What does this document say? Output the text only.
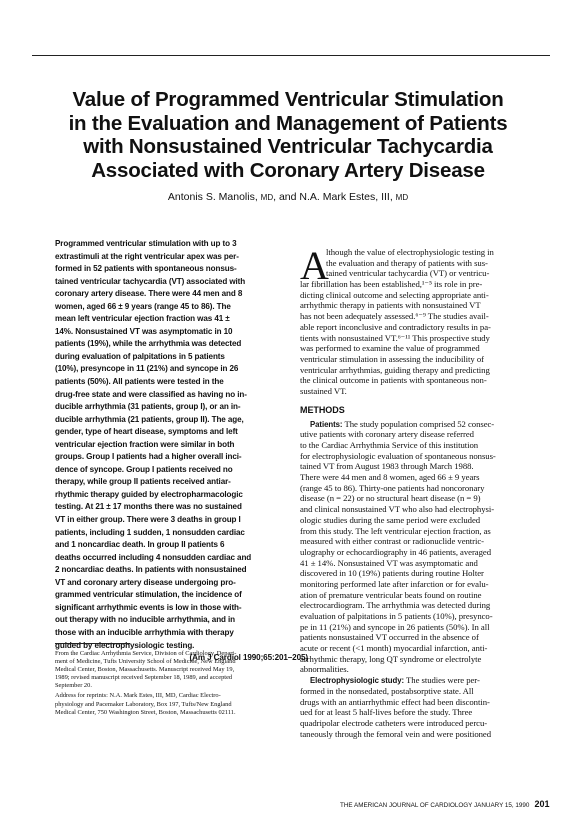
Value of Programmed Ventricular Stimulation
in the Evaluation and Management of Patients
with Nonsustained Ventricular Tachycardia
Associated with Coronary Artery Disease
Antonis S. Manolis, MD, and N.A. Mark Estes, III, MD
Programmed ventricular stimulation with up to 3
extrastimuli at the right ventricular apex was per-
formed in 52 patients with spontaneous nonsus-
tained ventricular tachycardia (VT) associated with
coronary artery disease. There were 44 men and 8
women, aged 66 ± 9 years (range 45 to 86). The
mean left ventricular ejection fraction was 41 ±
14%. Nonsustained VT was asymptomatic in 10
patients (19%), while the arrhythmia was detected
during evaluation of palpitations in 5 patients
(10%), presyncope in 11 (21%) and syncope in 26
patients (50%). All patients were tested in the
drug-free state and were classified as having no in-
ducible arrhythmia (31 patients, group I), or an in-
ducible arrhythmia (21 patients, group II). The age,
gender, type of heart disease, symptoms and left
ventricular ejection fraction were similar in both
groups. Group I patients had a higher overall inci-
dence of syncope. Group I patients received no
therapy, while group II patients received antiar-
rhythmic therapy guided by electropharmacologic
testing. At 21 ± 17 months there was no sustained
VT in either group. There were 3 deaths in group I
patients, including 1 sudden, 1 nonsudden cardiac
and 1 noncardiac death. In group II patients 6
deaths occurred including 4 nonsudden cardiac and
2 noncardiac deaths. In patients with nonsustained
VT and coronary artery disease undergoing pro-
grammed ventricular stimulation, the incidence of
significant arrhythmic events is low in those with-
out therapy with no inducible arrhythmia, and in
those with an inducible arrhythmia with therapy
guided by electrophysiologic testing.
(Am J Cardiol 1990;65:201–205)
From the Cardiac Arrhythmia Service, Division of Cardiology, Depart-
ment of Medicine, Tufts University School of Medicine, New England
Medical Center, Boston, Massachusetts. Manuscript received May 19,
1989; revised manuscript received September 18, 1989, and accepted
September 20.
Address for reprints: N.A. Mark Estes, III, MD, Cardiac Electro-
physiology and Pacemaker Laboratory, Box 197, Tufts/New England
Medical Center, 750 Washington Street, Boston, Massachusetts 02111.
A
lthough the value of electrophysiologic testing in
the evaluation and therapy of patients with sus-
tained ventricular tachycardia (VT) or ventricu-
lar fibrillation has been established,¹⁻⁵ its role in pre-
dicting clinical outcome and selecting appropriate anti-
arrhythmic therapy in patients with nonsustained VT
has not been adequately assessed.⁶⁻⁹ The studies avail-
able report inconclusive and contradictory results in pa-
tients with nonsustained VT.⁶⁻¹¹ This prospective study
was performed to examine the value of programmed
ventricular stimulation in assessing the inducibility of
ventricular arrhythmias, guiding therapy and predicting
the clinical outcome in patients with spontaneous non-
sustained VT.
METHODS
Patients: The study population comprised 52 consec-
utive patients with coronary artery disease referred
to the Cardiac Arrhythmia Service of this institution
for electrophysiologic evaluation of spontaneous nonsus-
tained VT from August 1983 through March 1988.
There were 44 men and 8 women, aged 66 ± 9 years
(range 45 to 86). Thirty-one patients had noncoronary
disease (n = 22) or no structural heart disease (n = 9)
and clinical nonsustained VT who also had electrophysi-
ologic studies during the same period were excluded
from this study. The left ventricular ejection fraction, as
measured with either contrast or radionuclide ventric-
ulography or echocardiography in 46 patients, averaged
41 ± 14%. Nonsustained VT was asymptomatic and
discovered in 10 (19%) patients during routine Holter
monitoring performed late after infarction or for evalu-
ation of premature ventricular beats found on routine
electrocardiogram. The arrhythmia was detected during
evaluation of palpitations in 5 patients (10%), presynco-
pe in 11 (21%) and syncope in 26 patients (50%). In all
patients nonsustained VT occurred in the absence of
acute or recent (<1 month) myocardial infarction, anti-
arrhythmic therapy, long QT syndrome or electrolyte
abnormalities.
Electrophysiologic study: The studies were per-
formed in the nonsedated, postabsorptive state. All
drugs with an antiarrhythmic effect had been discontin-
ued for at least 5 half-lives before the study. Three
quadripolar electrode catheters were introduced percu-
taneously through the femoral vein and were positioned
THE AMERICAN JOURNAL OF CARDIOLOGY JANUARY 15, 1990 201
